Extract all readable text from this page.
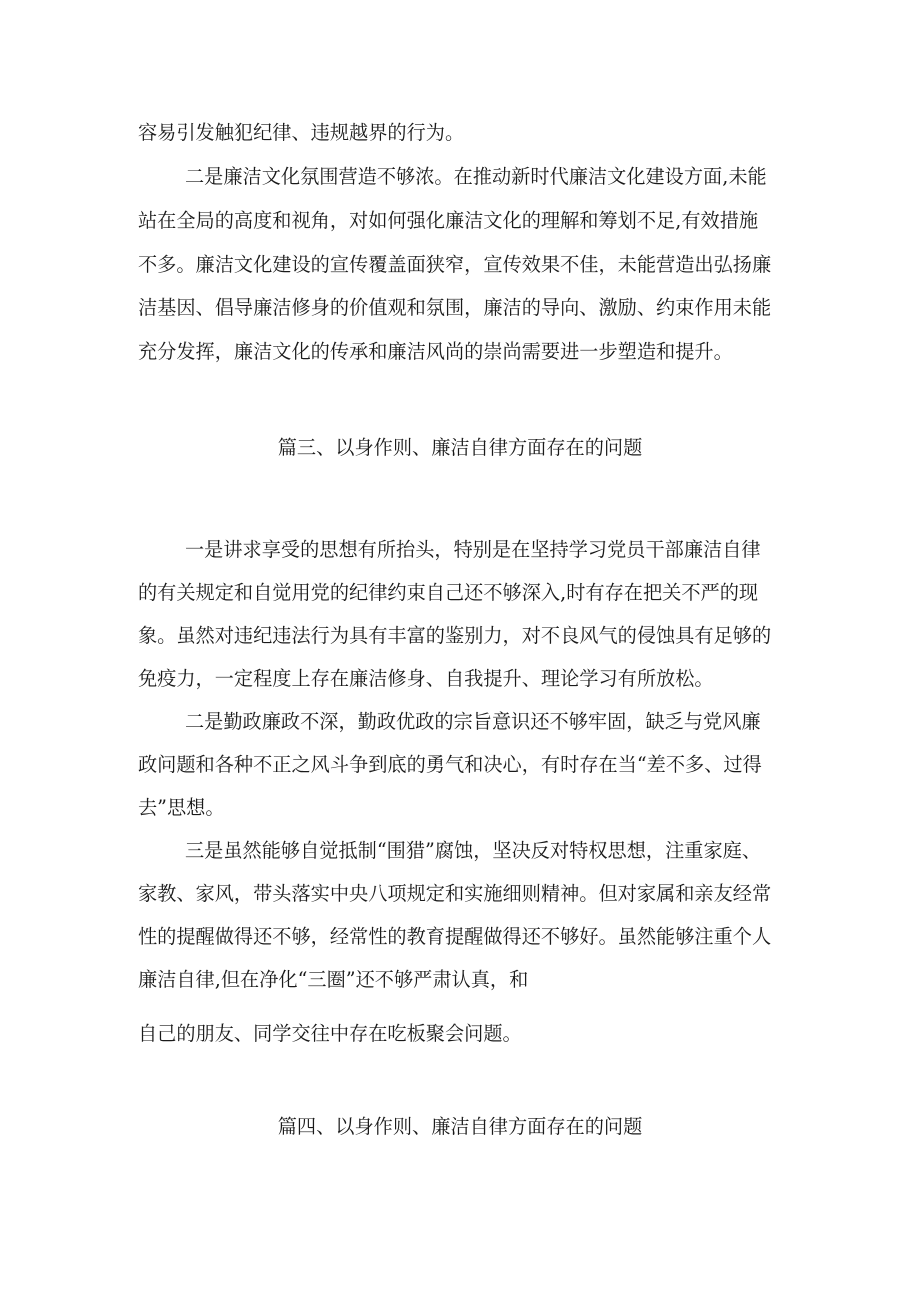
容易引发触犯纪律、违规越界的行为。
二是廉洁文化氛围营造不够浓。在推动新时代廉洁文化建设方面,未能
站在全局的高度和视角，对如何强化廉洁文化的理解和筹划不足,有效措施
不多。廉洁文化建设的宣传覆盖面狭窄，宣传效果不佳，未能营造出弘扬廉
洁基因、倡导廉洁修身的价值观和氛围，廉洁的导向、激励、约束作用未能
充分发挥，廉洁文化的传承和廉洁风尚的崇尚需要进一步塑造和提升。
篇三、以身作则、廉洁自律方面存在的问题
一是讲求享受的思想有所抬头，特别是在坚持学习党员干部廉洁自律
的有关规定和自觉用党的纪律约束自己还不够深入,时有存在把关不严的现
象。虽然对违纪违法行为具有丰富的鉴别力，对不良风气的侵蚀具有足够的
免疫力，一定程度上存在廉洁修身、自我提升、理论学习有所放松。
二是勤政廉政不深，勤政优政的宗旨意识还不够牢固，缺乏与党风廉
政问题和各种不正之风斗争到底的勇气和决心，有时存在当“差不多、过得
去”思想。
三是虽然能够自觉抵制“围猎”腐蚀，坚决反对特权思想，注重家庭、
家教、家风，带头落实中央八项规定和实施细则精神。但对家属和亲友经常
性的提醒做得还不够，经常性的教育提醒做得还不够好。虽然能够注重个人
廉洁自律,但在净化“三圈”还不够严肃认真，和
自己的朋友、同学交往中存在吃板聚会问题。
篇四、以身作则、廉洁自律方面存在的问题
